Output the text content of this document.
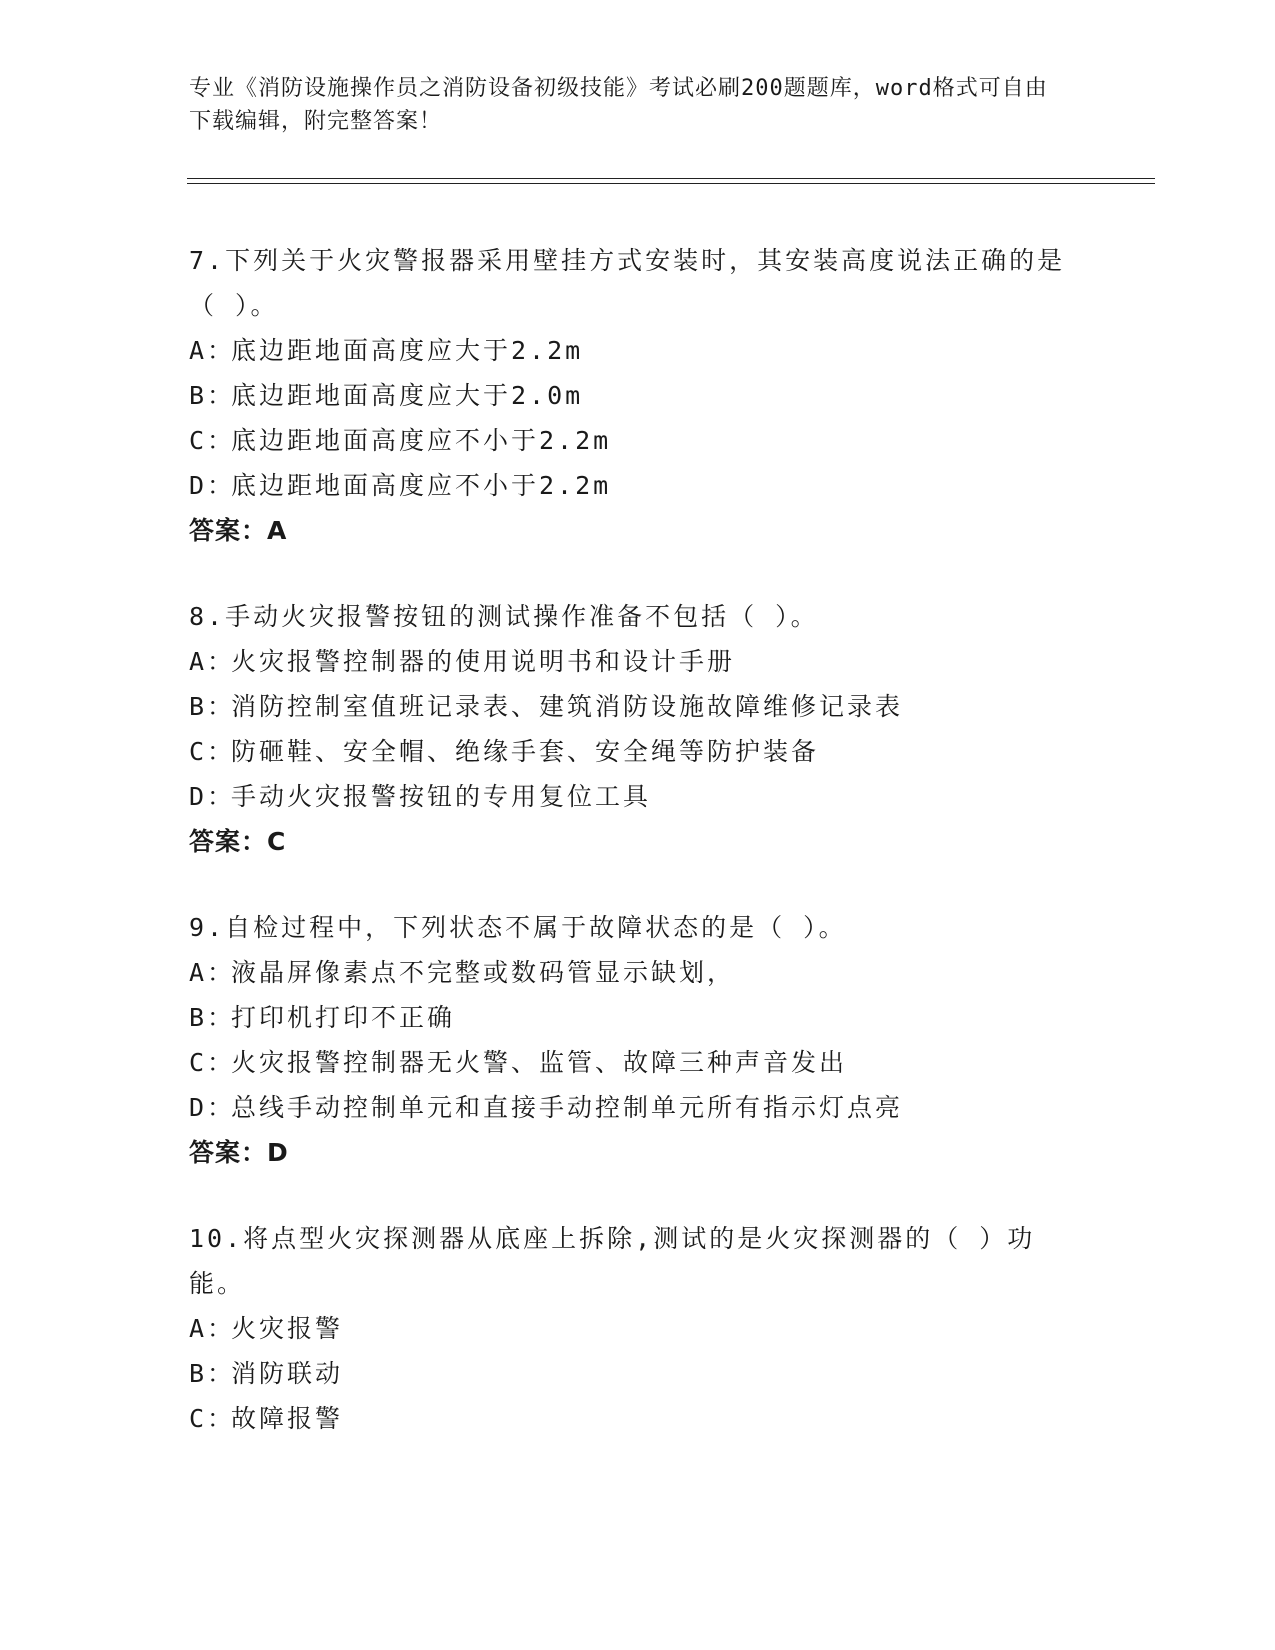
专业《消防设施操作员之消防设备初级技能》考试必刷200题题库，word格式可自由下载编辑，附完整答案！

7.下列关于火灾警报器采用壁挂方式安装时，其安装高度说法正确的是（ ）。

A：底边距地面高度应大于2.2m

B：底边距地面高度应大于2.0m

C：底边距地面高度应不小于2.2m

D：底边距地面高度应不小于2.2m

答案：A

8.手动火灾报警按钮的测试操作准备不包括（ ）。

A：火灾报警控制器的使用说明书和设计手册

B：消防控制室值班记录表、建筑消防设施故障维修记录表

C：防砸鞋、安全帽、绝缘手套、安全绳等防护装备

D：手动火灾报警按钮的专用复位工具

答案：C

9.自检过程中，下列状态不属于故障状态的是（ ）。

A：液晶屏像素点不完整或数码管显示缺划，

B：打印机打印不正确

C：火灾报警控制器无火警、监管、故障三种声音发出

D：总线手动控制单元和直接手动控制单元所有指示灯点亮

答案：D

10.将点型火灾探测器从底座上拆除,测试的是火灾探测器的（ ）功能。

A：火灾报警

B：消防联动

C：故障报警
